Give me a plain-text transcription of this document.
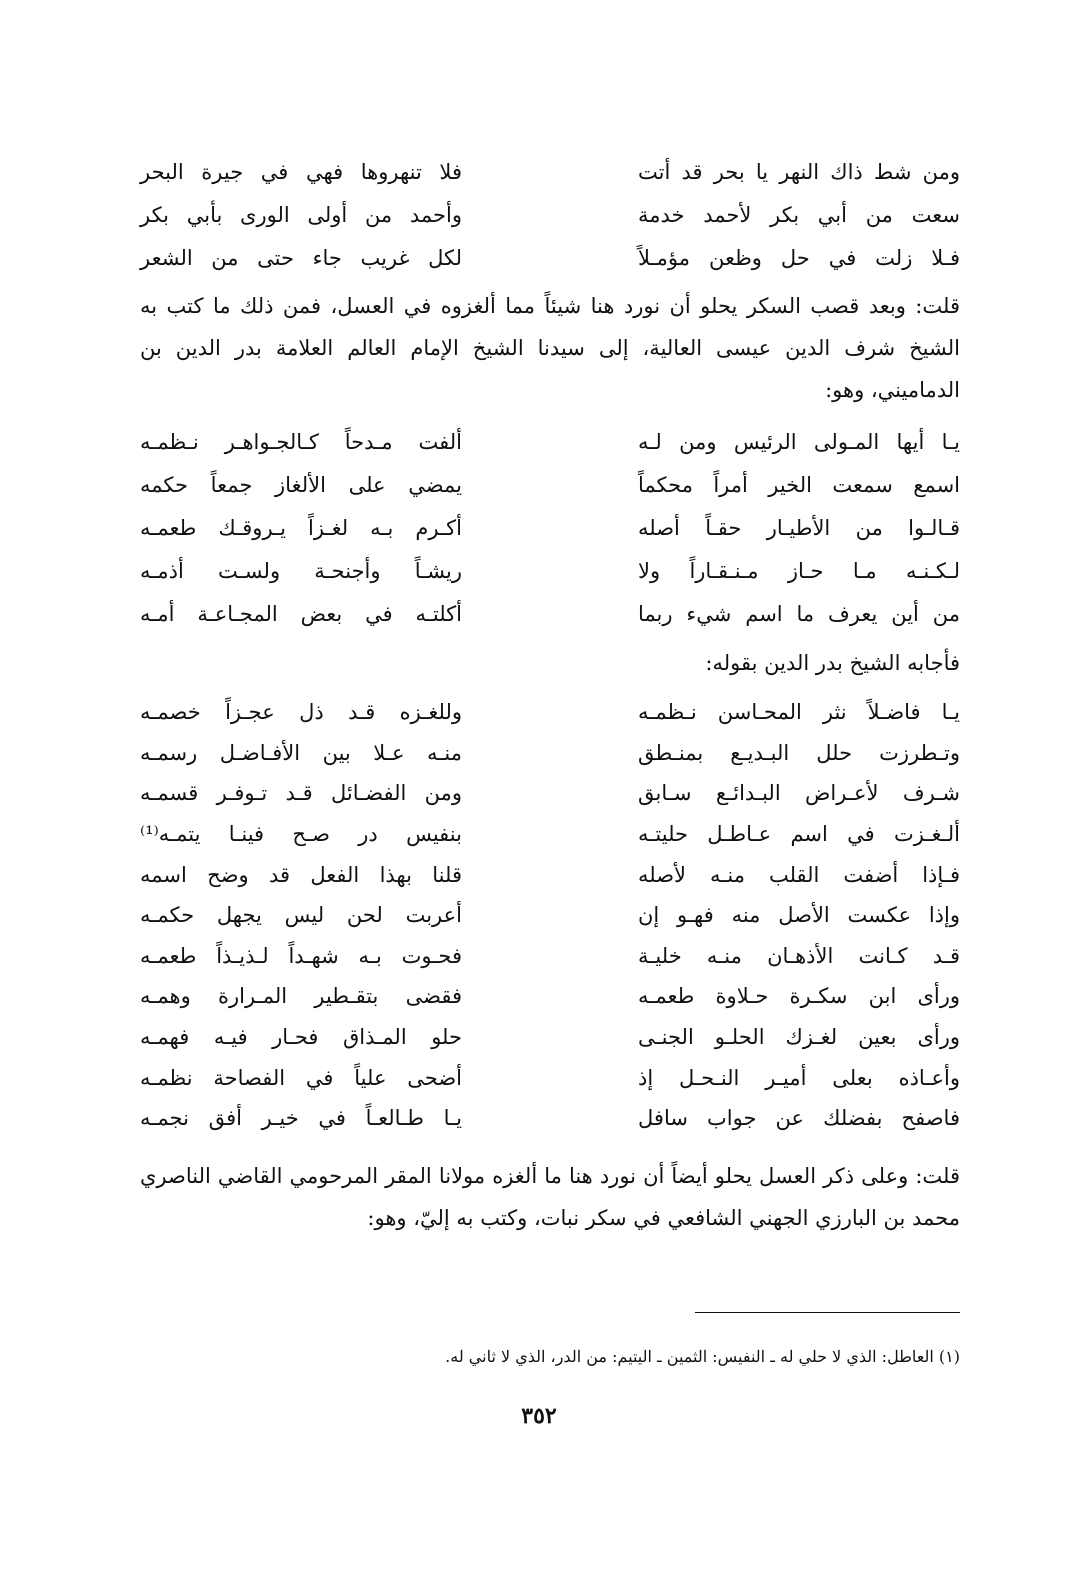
ومن شط ذاك النهر يا بحر قد أتت
فلا تنهروها فهي في جيرة البحر
سعت من أبي بكر لأحمد خدمة
وأحمد من أولى الورى بأبي بكر
فـلا زلت في حل وظعن مؤمـلاً
لكل غريب جاء حتى من الشعر

قلت: وبعد قصب السكر يحلو أن نورد هنا شيئاً مما ألغزوه في العسل، فمن ذلك ما كتب به الشيخ شرف الدين عيسى العالية، إلى سيدنا الشيخ الإمام العالم العلامة بدر الدين بن الدماميني، وهو:

يـا أيها المـولى الرئيس ومن لـه
ألفت مـدحاً كـالجـواهـر نـظمـه
اسمع سمعت الخير أمراً محكماً
يمضي على الألغاز جمعاً حكمه
قـالـوا من الأطيـار حقـاً أصله
أكـرم بـه لغـزاً يـروقـك طعمـه
لـكـنـه مـا حـاز مـنـقـاراً ولا
ريشـاً وأجنحـة ولسـت أذمـه
من أين يعرف ما اسم شيء ربما
أكلتـه في بعض المجـاعـة أمـه

فأجابه الشيخ بدر الدين بقوله:

يـا فاضـلاً نثر المحـاسن نـظمـه
وللغـزه قـد ذل عجـزاً خصمـه
وتـطرزت حلل البـديـع بمنـطق
منـه عـلا بين الأفـاضـل رسمـه
شـرف لأعـراض البـدائـع سـابق
ومن الفضـائل قـد تـوفـر قسمـه
ألـغـزت في اسم عـاطـل حليتـه
بنفيس در صـح فينـا يتمـه⁽¹⁾
فـإذا أضفت القلب منـه لأصله
قلنا بهذا الفعل قد وضح اسمه
وإذا عكست الأصل منه فهـو إن
أعربت لحن ليس يجهل حكمـه
قـد كـانت الأذهـان منـه خليـة
فحـوت بـه شهـداً لـذيـذاً طعمـه
ورأى ابن سكـرة حـلاوة طعمـه
فقضى بتقـطير المـرارة وهمـه
ورأى بعين لغـزك الحلـو الجنـى
حلو المـذاق فحـار فيـه فهمـه
وأعـاذه بعلى أميـر النـحـل إذ
أضحى علياً في الفصاحة نظمـه
فاصفح بفضلك عن جواب سافل
يـا طـالعـاً في خيـر أفق نجمـه

قلت: وعلى ذكر العسل يحلو أيضاً أن نورد هنا ما ألغزه مولانا المقر المرحومي القاضي الناصري محمد بن البارزي الجهني الشافعي في سكر نبات، وكتب به إليّ، وهو:

(١) العاطل: الذي لا حلي له ـ النفيس: الثمين ـ اليتيم: من الدر، الذي لا ثاني له.

٣٥٢
